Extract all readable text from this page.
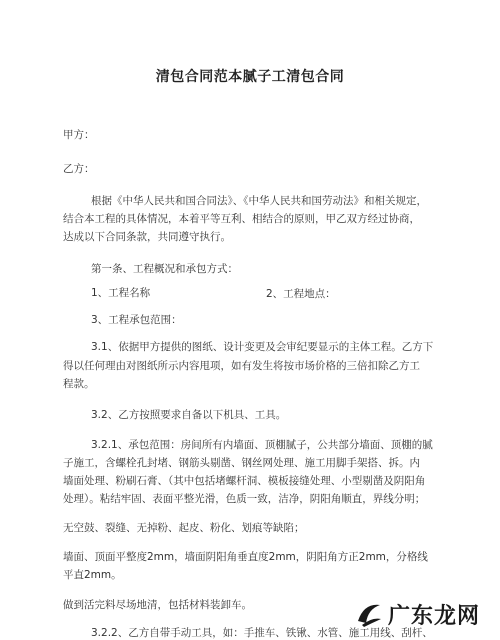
清包合同范本腻子工清包合同
甲方：
乙方：
根据《中华人民共和国合同法》、《中华人民共和国劳动法》和相关规定，
结合本工程的具体情况，本着平等互利、相结合的原则，甲乙双方经过协商，
达成以下合同条款，共同遵守执行。
第一条、工程概况和承包方式：
1、工程名称	2、工程地点：
3、工程承包范围：
3.1、依据甲方提供的图纸、设计变更及会审纪要显示的主体工程。乙方下
得以任何理由对图纸所示内容甩项，如有发生将按市场价格的三倍扣除乙方工
程款。
3.2、乙方按照要求自备以下机具、工具。
3.2.1、承包范围：房间所有内墙面、顶棚腻子，公共部分墙面、顶棚的腻
子施工，含螺栓孔封堵、钢筋头剔凿、钢丝网处理、施工用脚手架搭、拆。内
墙面处理、粉刷石膏、（其中包括堵螺杆洞、模板接缝处理、小型剔凿及阴阳角
处理）。粘结牢固、表面平整光滑，色质一致，洁净，阴阳角顺直，界线分明；
无空鼓、裂缝、无掉粉、起皮、粉化、划痕等缺陷；
墙面、顶面平整度2mm，墙面阴阳角垂直度2mm，阴阳角方正2mm，分格线
平直2mm。
做到活完料尽场地清，包括材料装卸车。
3.2.2、乙方自带手动工具，如：手推车、铁锹、水管、施工用线、刮杆、
广东龙网
